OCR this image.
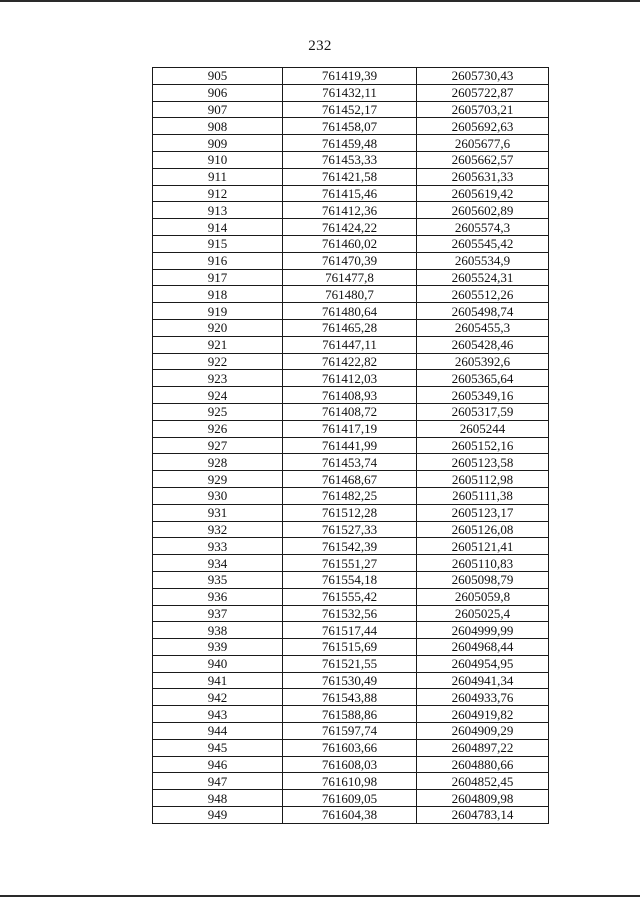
232
905	761419,39	2605730,43
906	761432,11	2605722,87
907	761452,17	2605703,21
908	761458,07	2605692,63
909	761459,48	2605677,6
910	761453,33	2605662,57
911	761421,58	2605631,33
912	761415,46	2605619,42
913	761412,36	2605602,89
914	761424,22	2605574,3
915	761460,02	2605545,42
916	761470,39	2605534,9
917	761477,8	2605524,31
918	761480,7	2605512,26
919	761480,64	2605498,74
920	761465,28	2605455,3
921	761447,11	2605428,46
922	761422,82	2605392,6
923	761412,03	2605365,64
924	761408,93	2605349,16
925	761408,72	2605317,59
926	761417,19	2605244
927	761441,99	2605152,16
928	761453,74	2605123,58
929	761468,67	2605112,98
930	761482,25	2605111,38
931	761512,28	2605123,17
932	761527,33	2605126,08
933	761542,39	2605121,41
934	761551,27	2605110,83
935	761554,18	2605098,79
936	761555,42	2605059,8
937	761532,56	2605025,4
938	761517,44	2604999,99
939	761515,69	2604968,44
940	761521,55	2604954,95
941	761530,49	2604941,34
942	761543,88	2604933,76
943	761588,86	2604919,82
944	761597,74	2604909,29
945	761603,66	2604897,22
946	761608,03	2604880,66
947	761610,98	2604852,45
948	761609,05	2604809,98
949	761604,38	2604783,14
